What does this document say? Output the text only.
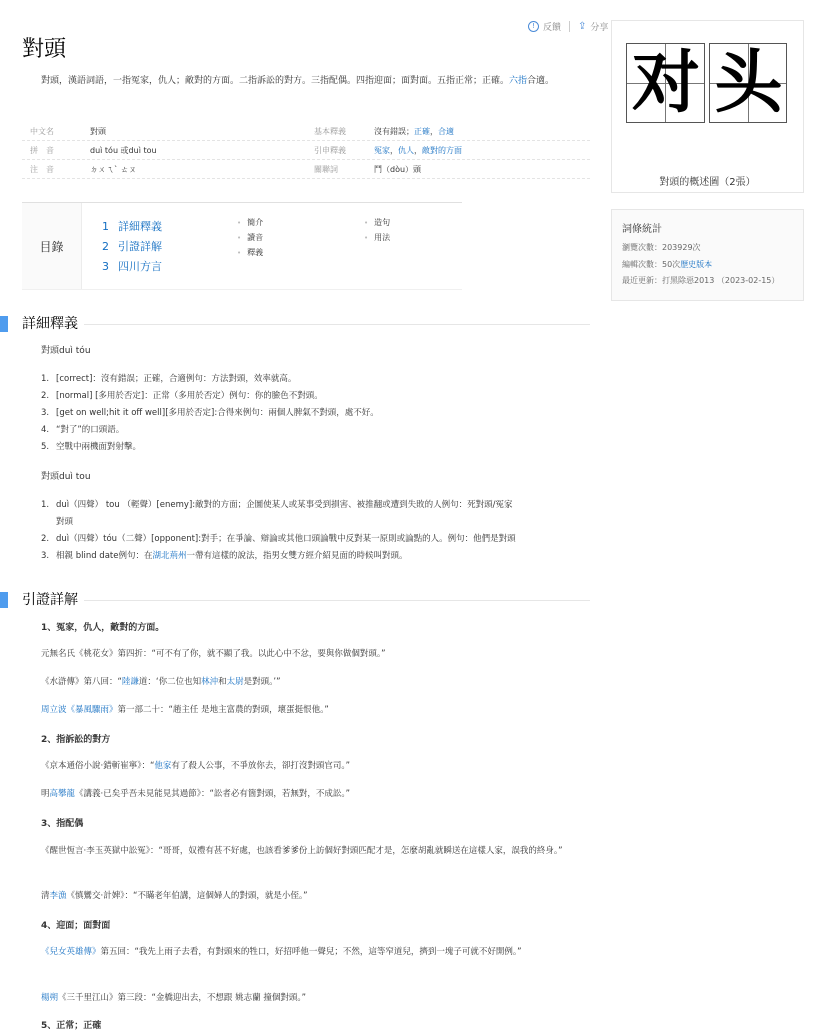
! 反饋 ⇪ 分享
對頭
對頭，漢語詞語，一指冤家，仇人；敵對的方面。二指訴訟的對方。三指配偶。四指迎面；面對面。五指正常；正確。六指合適。
中文名	對頭	基本釋義	沒有錯誤；正確，合適
拼　音	duì tóu 或duì tou	引申釋義	冤家，仇人，敵對的方面
注　音	ㄉㄨㄟˋ ㄊㄡ	關聯詞	鬥（dòu）頭
目錄
1 詳細釋義
2 引證詳解
3 四川方言
• 簡介
• 讀音
• 釋義
• 造句
• 用法
詳細釋義
對頭duì tóu
1. [correct]：沒有錯誤；正確，合適例句：方法對頭，效率就高。
2. [normal] [多用於否定]：正常（多用於否定）例句：你的臉色不對頭。
3. [get on well;hit it off well][多用於否定]:合得來例句：兩個人脾氣不對頭，處不好。
4. “對了”的口頭語。
5. 空戰中兩機面對射擊。
對頭duì tou
1. duì（四聲） tou （輕聲）[enemy]:敵對的方面；企圖使某人或某事受到損害、被推翻或遭到失敗的人例句：死對頭/冤家
對頭
2. duì（四聲）tóu（二聲）[opponent]:對手；在爭論、辯論或其他口頭論戰中反對某一原則或論點的人。例句：他們是對頭
3. 相親 blind date例句：在湖北荊州一帶有這樣的說法，指男女雙方經介紹見面的時候叫對頭。
引證詳解
1、冤家，仇人，敵對的方面。
元無名氏《桃花女》第四折：“可不有了你，就不顯了我。以此心中不忿，要與你做個對頭。”
《水滸傳》第八回：“陸謙道：‘你二位也知林沖和太尉是對頭。’”
周立波《暴風驟雨》第一部二十：“趙主任 是地主富農的對頭，壞蛋挺恨他。”
2、指訴訟的對方
《京本通俗小說·錯斬崔寧》：“他家有了殺人公事，不爭放你去，卻打沒對頭官司。”
明高攀龍《講義·已矣乎吾未見能見其過節》：“訟者必有箇對頭，若無對，不成訟。”
3、指配偶
《醒世恆言·李玉英獄中訟冤》：“哥哥，奴禮有甚不好處，也該看爹爹份上訪個好對頭匹配才是，怎麼胡亂就瞬送在這樣人家，誤我的終身。”
清李漁《慎鸞交·計婢》：“不瞞老年伯講，這個婦人的對頭，就是小侄。”
4、迎面；面對面
《兒女英雄傳》第五回：“我先上雨子去看，有對頭來的牲口，好招呼他一聲兒；不然，這等窄道兒，擠到一塊子可就不好開例。”
楊朔《三千里江山》第三段：“金橋迎出去，不想跟 姚志蘭 撞個對頭。”
5、正常；正確
对 头
對頭的概述圖（2張）
詞條統計
瀏覽次數：203929次
編輯次數：50次歷史版本
最近更新：打黑除惡2013 （2023-02-15）
